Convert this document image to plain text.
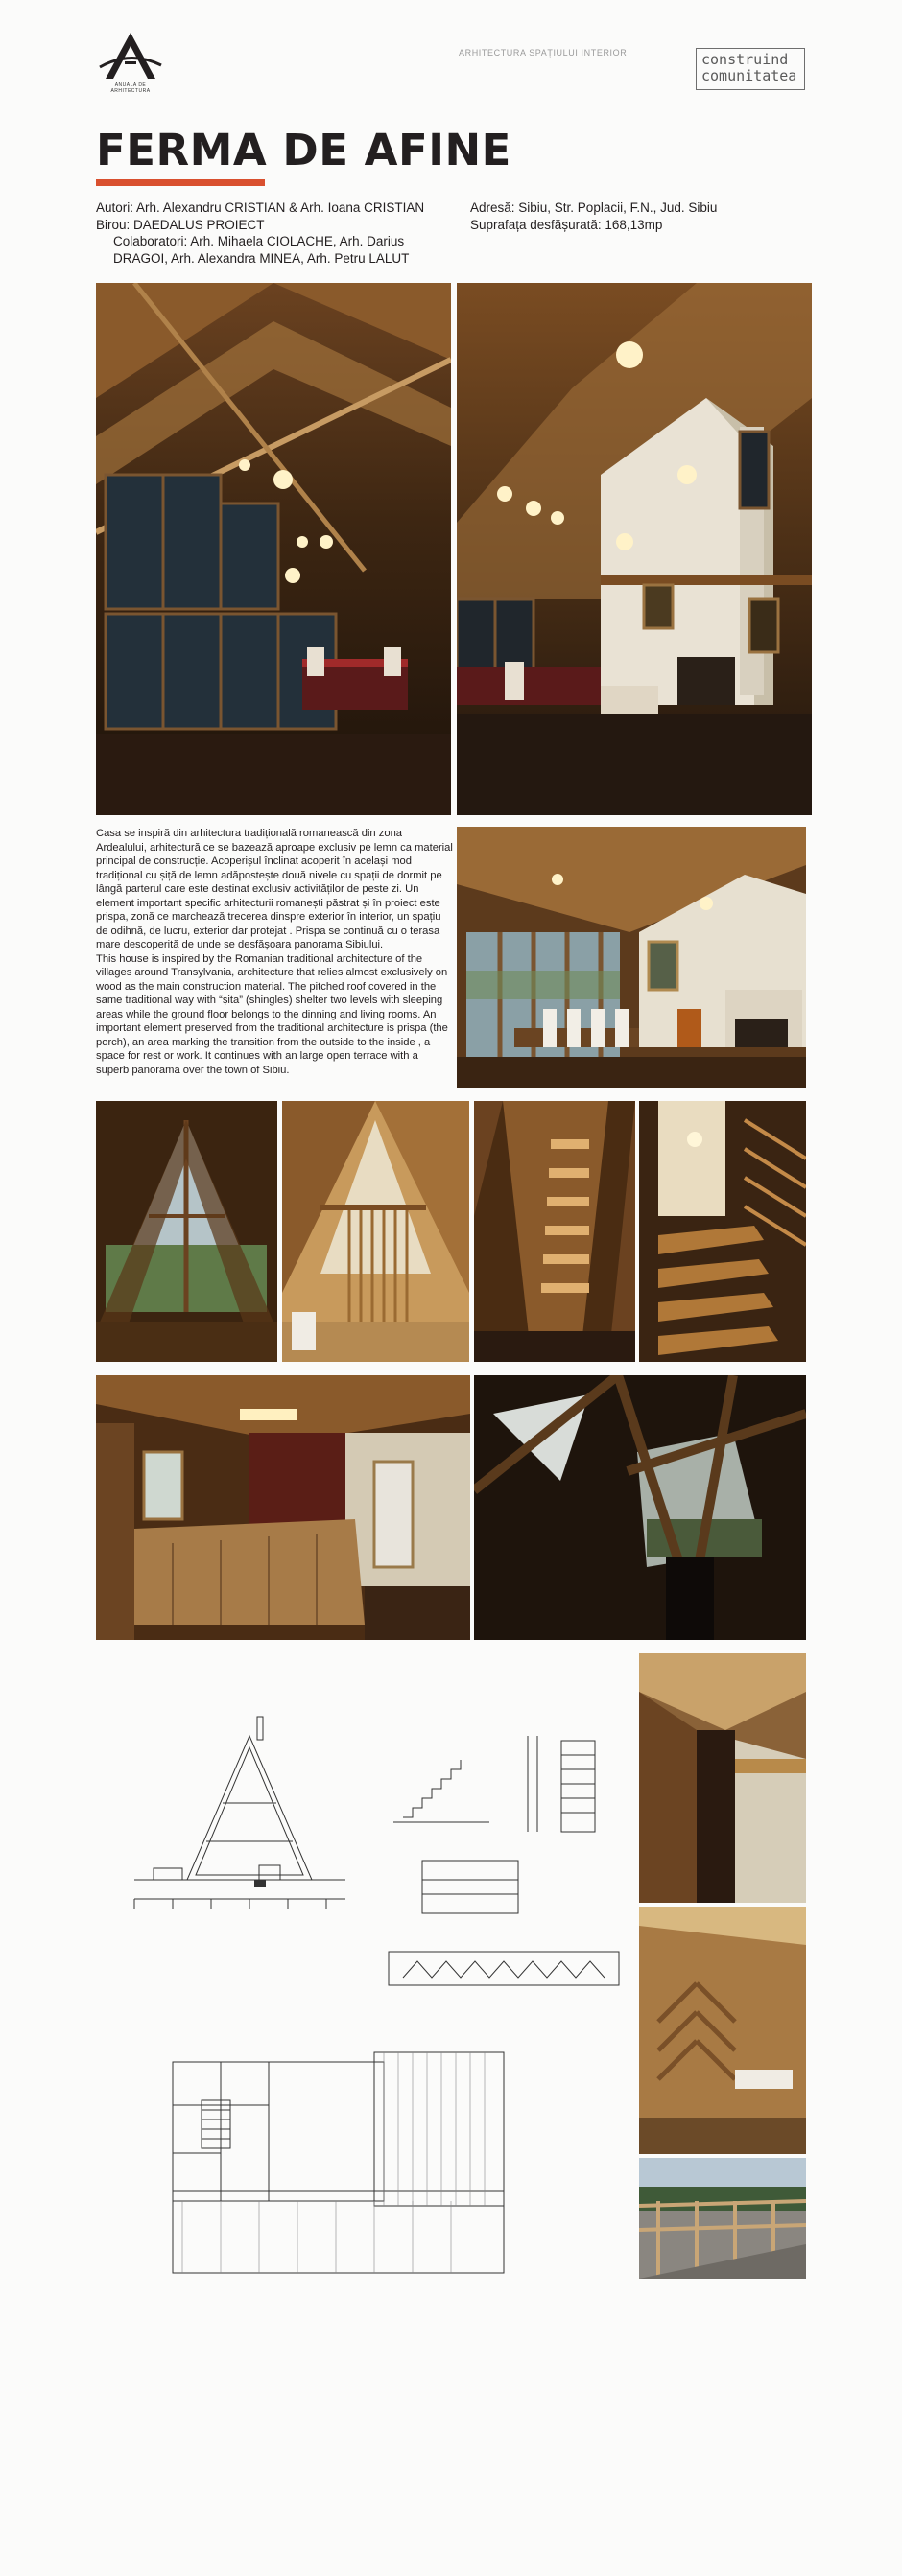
ANUALA DE ARHITECTURA
ARHITECTURA SPAȚIULUI INTERIOR	construind
comunitatea
FERMA DE AFINE
Autori: Arh. Alexandru CRISTIAN & Arh. Ioana CRISTIAN
Birou: DAEDALUS PROIECT
Colaboratori: Arh. Mihaela CIOLACHE, Arh. Darius
DRAGOI, Arh. Alexandra MINEA, Arh. Petru LALUT
Adresă: Sibiu, Str. Poplacii, F.N., Jud. Sibiu
Suprafața desfășurată: 168,13mp

Casa se inspiră din arhitectura tradițională romanească din zona Ardealului, arhitectură ce se bazează aproape exclusiv pe lemn ca material principal de construcție. Acoperișul înclinat acoperit în același mod tradițional cu șiță de lemn adăpostește două nivele cu spații de dormit pe lângă parterul care este destinat exclusiv activităților de peste zi. Un element important specific arhitecturii romanești păstrat și în proiect este prispa, zonă ce marchează trecerea dinspre exterior în interior, un spațiu de odihnă, de lucru, exterior dar protejat . Prispa se continuă cu o terasa mare descoperită de unde se desfășoara panorama Sibiului.

This house is inspired by the Romanian traditional architecture of the villages around Transylvania, architecture that relies almost exclusively on wood as the main construction material. The pitched roof covered in the same traditional way with “șita” (shingles) shelter two levels with sleeping areas while the ground floor belongs to the dinning and living rooms. An important element preserved from the traditional architecture is prispa (the porch), an area marking the transition from the outside to the inside , a space for rest or work. It continues with an large open terrace with a superb panorama over the town of Sibiu.
